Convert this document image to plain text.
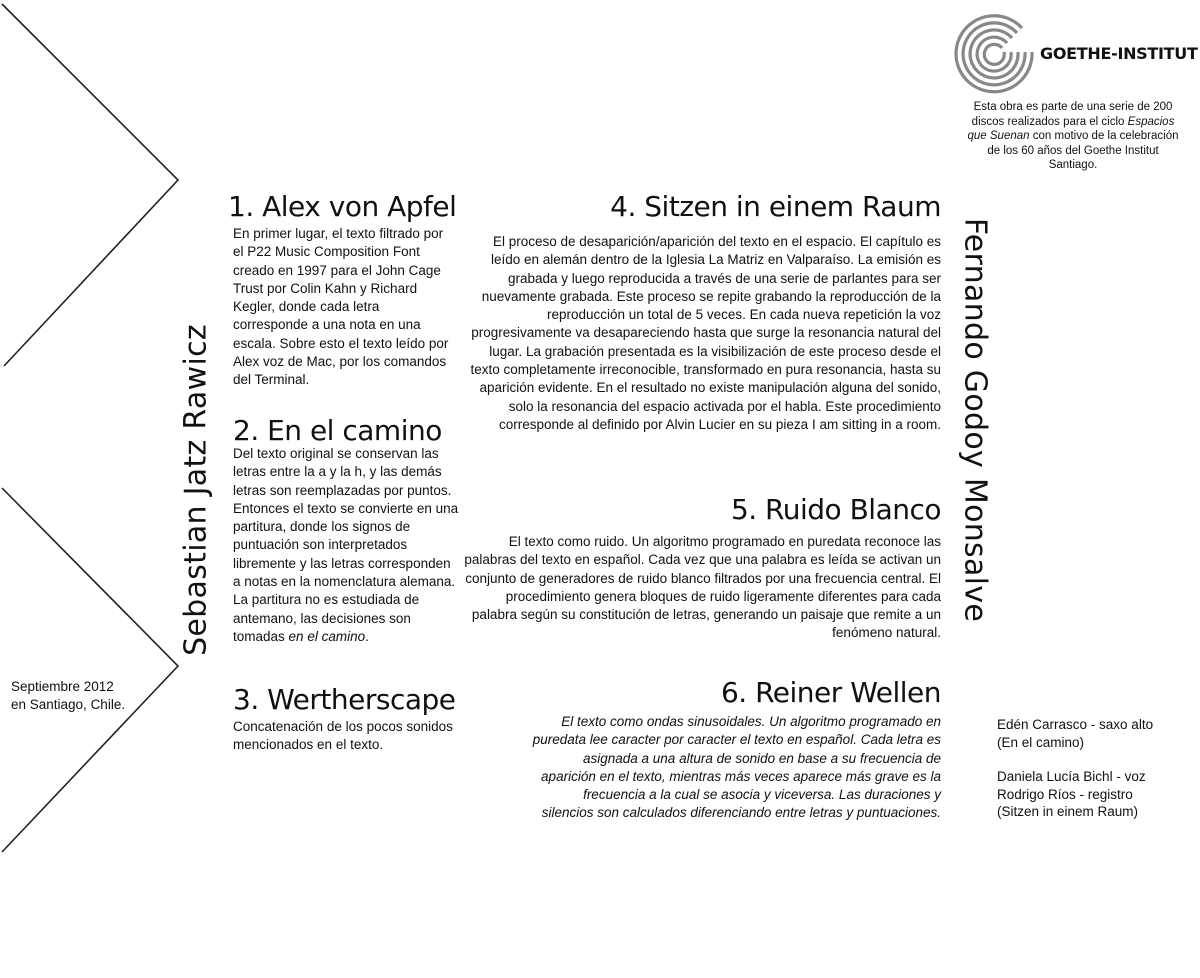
GOETHE-INSTITUT
Esta obra es parte de una serie de 200 discos realizados para el ciclo Espacios que Suenan con motivo de la celebración de los 60 años del Goethe Institut Santiago.
Sebastian Jatz Rawicz	Fernando Godoy Monsalve
Septiembre 2012
en Santiago, Chile.
1. Alex von Apfel
En primer lugar, el texto filtrado por el P22 Music Composition Font creado en 1997 para el John Cage Trust por Colin Kahn y Richard Kegler, donde cada letra corresponde a una nota en una escala. Sobre esto el texto leído por Alex voz de Mac, por los comandos del Terminal.
2. En el camino
Del texto original se conservan las letras entre la a y la h, y las demás letras son reemplazadas por puntos. Entonces el texto se convierte en una partitura, donde los signos de puntuación son interpretados libremente y las letras corresponden a notas en la nomenclatura alemana. La partitura no es estudiada de antemano, las decisiones son tomadas en el camino.
3. Wertherscape
Concatenación de los pocos sonidos mencionados en el texto.
4. Sitzen in einem Raum
El proceso de desaparición/aparición del texto en el espacio. El capítulo es leído en alemán dentro de la Iglesia La Matriz en Valparaíso. La emisión es grabada y luego reproducida a través de una serie de parlantes para ser nuevamente grabada. Este proceso se repite grabando la reproducción de la reproducción un total de 5 veces. En cada nueva repetición la voz progresivamente va desapareciendo hasta que surge la resonancia natural del lugar. La grabación presentada es la visibilización de este proceso desde el texto completamente irreconocible, transformado en pura resonancia, hasta su aparición evidente. En el resultado no existe manipulación alguna del sonido, solo la resonancia del espacio activada por el habla. Este procedimiento corresponde al definido por Alvin Lucier en su pieza I am sitting in a room.
5. Ruido Blanco
El texto como ruido. Un algoritmo programado en puredata reconoce las palabras del texto en español. Cada vez que una palabra es leída se activan un conjunto de generadores de ruido blanco filtrados por una frecuencia central. El procedimiento genera bloques de ruido ligeramente diferentes para cada palabra según su constitución de letras, generando un paisaje que remite a un fenómeno natural.
6. Reiner Wellen
El texto como ondas sinusoidales. Un algoritmo programado en puredata lee caracter por caracter el texto en español. Cada letra es asignada a una altura de sonido en base a su frecuencia de aparición en el texto, mientras más veces aparece más grave es la frecuencia a la cual se asocia y viceversa. Las duraciones y silencios son calculados diferenciando entre letras y puntuaciones.
Edén Carrasco - saxo alto
(En el camino)
Daniela Lucía Bichl - voz
Rodrigo Ríos - registro
(Sitzen in einem Raum)
